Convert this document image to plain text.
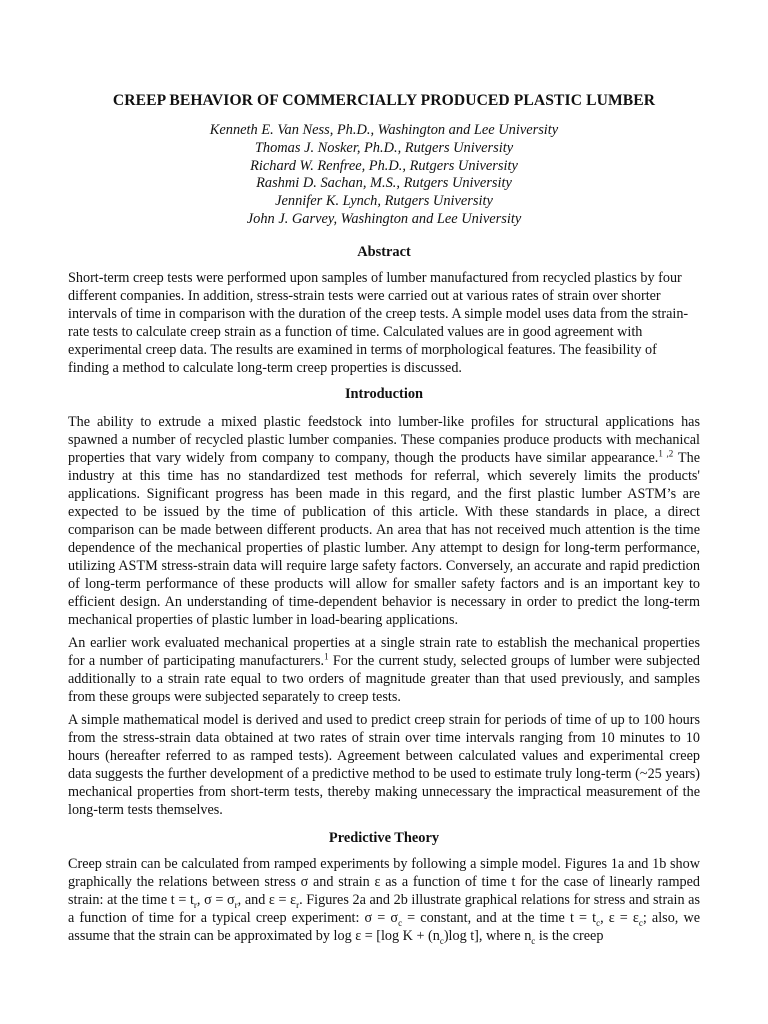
CREEP BEHAVIOR OF COMMERCIALLY PRODUCED PLASTIC LUMBER
Kenneth E. Van Ness, Ph.D., Washington and Lee University
Thomas J. Nosker, Ph.D., Rutgers University
Richard W. Renfree, Ph.D., Rutgers University
Rashmi D. Sachan, M.S., Rutgers University
Jennifer K. Lynch, Rutgers University
John J. Garvey, Washington and Lee University
Abstract

Short-term creep tests were performed upon samples of lumber manufactured from recycled plastics by four different companies. In addition, stress-strain tests were carried out at various rates of strain over shorter intervals of time in comparison with the duration of the creep tests. A simple model uses data from the strain-rate tests to calculate creep strain as a function of time. Calculated values are in good agreement with experimental creep data. The results are examined in terms of morphological features. The feasibility of finding a method to calculate long-term creep properties is discussed.

Introduction

The ability to extrude a mixed plastic feedstock into lumber-like profiles for structural applications has spawned a number of recycled plastic lumber companies. These companies produce products with mechanical properties that vary widely from company to company, though the products have similar appearance.$^{1 ,2}$ The industry at this time has no standardized test methods for referral, which severely limits the products' applications. Significant progress has been made in this regard, and the first plastic lumber ASTM’s are expected to be issued by the time of publication of this article. With these standards in place, a direct comparison can be made between different products. An area that has not received much attention is the time dependence of the mechanical properties of plastic lumber. Any attempt to design for long-term performance, utilizing ASTM stress-strain data will require large safety factors. Conversely, an accurate and rapid prediction of long-term performance of these products will allow for smaller safety factors and is an important key to efficient design. An understanding of time-dependent behavior is necessary in order to predict the long-term mechanical properties of plastic lumber in load-bearing applications.

An earlier work evaluated mechanical properties at a single strain rate to establish the mechanical properties for a number of participating manufacturers.$^1$ For the current study, selected groups of lumber were subjected additionally to a strain rate equal to two orders of magnitude greater than that used previously, and samples from these groups were subjected separately to creep tests.

A simple mathematical model is derived and used to predict creep strain for periods of time of up to 100 hours from the stress-strain data obtained at two rates of strain over time intervals ranging from 10 minutes to 10 hours (hereafter referred to as ramped tests). Agreement between calculated values and experimental creep data suggests the further development of a predictive method to be used to estimate truly long-term (~25 years) mechanical properties from short-term tests, thereby making unnecessary the impractical measurement of the long-term tests themselves.

Predictive Theory

Creep strain can be calculated from ramped experiments by following a simple model. Figures 1a and 1b show graphically the relations between stress σ and strain ε as a function of time t for the case of linearly ramped strain: at the time $t = t_r$, $\sigma = \sigma_r$, and $\varepsilon = \varepsilon_r$. Figures 2a and 2b illustrate graphical relations for stress and strain as a function of time for a typical creep experiment: $\sigma = \sigma_c$ = constant, and at the time $t = t_c$, $\varepsilon = \varepsilon_c$; also, we assume that the strain can be approximated by log ε = [log $K + (n_c)\log$ t], where $n_c$ is the creep
